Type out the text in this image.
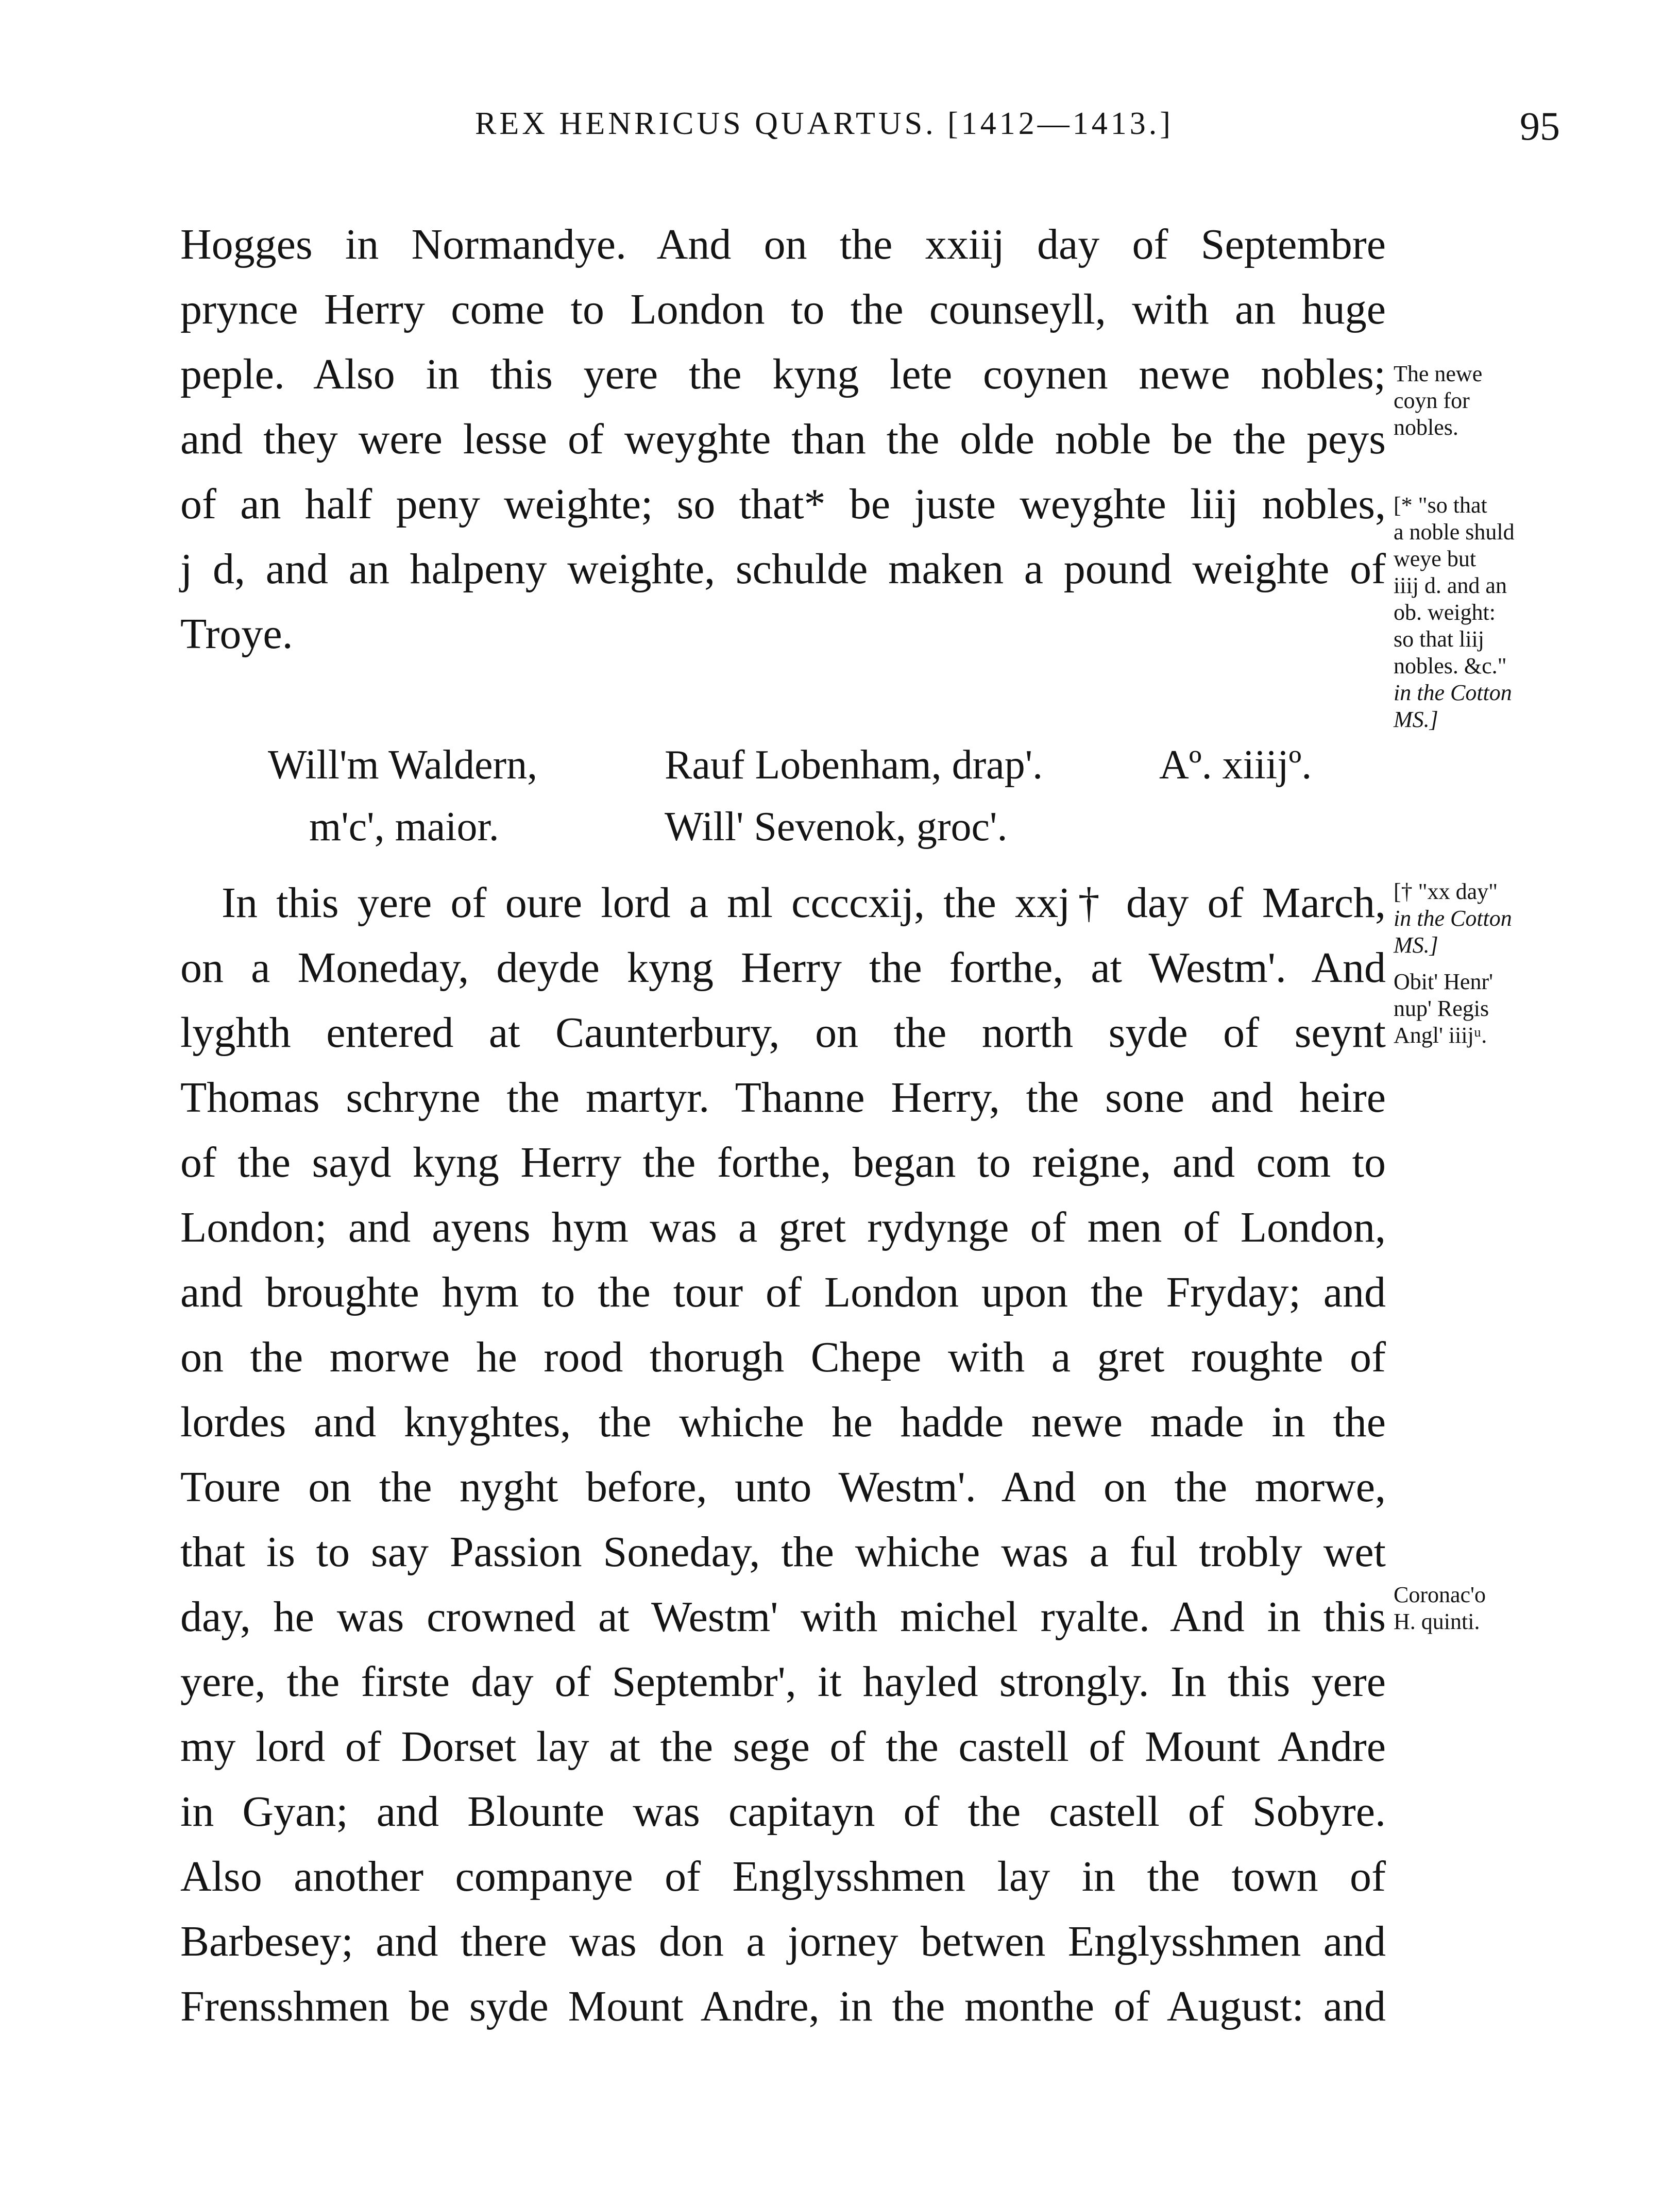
REX HENRICUS QUARTUS. [1412—1413.]	95
Hogges in Normandye. And on the xxiij day of Septembre
prynce Herry come to London to the counseyll, with an huge
peple. Also in this yere the kyng lete coynen newe nobles;
and they were lesse of weyghte than the olde noble be the peys
of an half peny weighte; so that* be juste weyghte liij nobles,
j d, and an halpeny weighte, schulde maken a pound weighte of
Troye.
Will'm Waldern,
m'c', maior.
Rauf Lobenham, drap'.
Will' Sevenok, groc'.
Aº. xiiijº.
In this yere of oure lord a ml ccccxij, the xxj† day of March,
on a Moneday, deyde kyng Herry the forthe, at Westm'. And
lyghth entered at Caunterbury, on the north syde of seynt
Thomas schryne the martyr. Thanne Herry, the sone and heire
of the sayd kyng Herry the forthe, began to reigne, and com to
London; and ayens hym was a gret rydynge of men of London,
and broughte hym to the tour of London upon the Fryday; and
on the morwe he rood thorugh Chepe with a gret roughte of
lordes and knyghtes, the whiche he hadde newe made in the
Toure on the nyght before, unto Westm'. And on the morwe,
that is to say Passion Soneday, the whiche was a ful trobly wet
day, he was crowned at Westm' with michel ryalte. And in this
yere, the firste day of Septembr', it hayled strongly. In this yere
my lord of Dorset lay at the sege of the castell of Mount Andre
in Gyan; and Blounte was capitayn of the castell of Sobyre.
Also another companye of Englysshmen lay in the town of
Barbesey; and there was don a jorney betwen Englysshmen and
Frensshmen be syde Mount Andre, in the monthe of August: and
The newe
coyn for
nobles.
[* "so that
a noble shuld
weye but
iiij d. and an
ob. weight:
so that liij
nobles. &c."
in the Cotton
MS.]
[† "xx day"
in the Cotton
MS.]
Obit' Henr'
nup' Regis
Angl' iiijᵘ.
Coronac'o
H. quinti.
